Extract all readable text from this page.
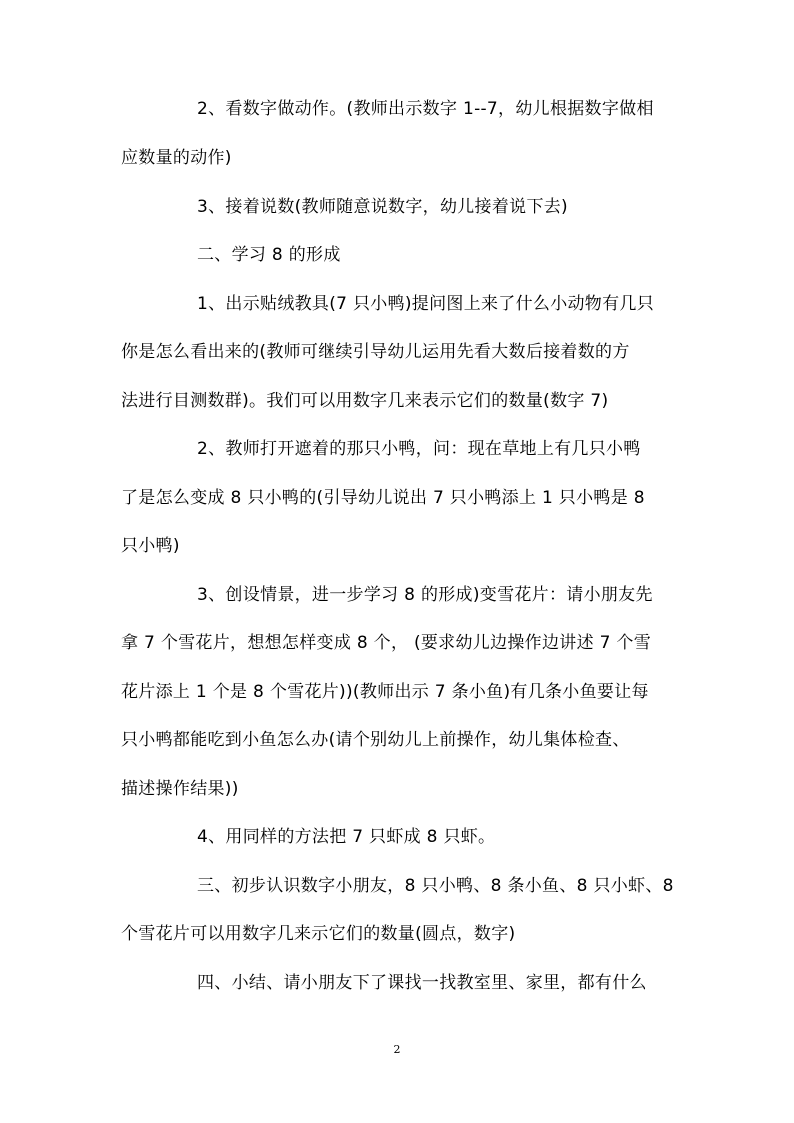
2、看数字做动作。(教师出示数字 1--7，幼儿根据数字做相
应数量的动作)
3、接着说数(教师随意说数字，幼儿接着说下去)
二、学习 8 的形成
1、出示贴绒教具(7 只小鸭)提问图上来了什么小动物有几只
你是怎么看出来的(教师可继续引导幼儿运用先看大数后接着数的方
法进行目测数群)。我们可以用数字几来表示它们的数量(数字 7)
2、教师打开遮着的那只小鸭，问：现在草地上有几只小鸭
了是怎么变成 8 只小鸭的(引导幼儿说出 7 只小鸭添上 1 只小鸭是 8
只小鸭)
3、创设情景，进一步学习 8 的形成)变雪花片：请小朋友先
拿 7 个雪花片，想想怎样变成 8 个， (要求幼儿边操作边讲述 7 个雪
花片添上 1 个是 8 个雪花片))(教师出示 7 条小鱼)有几条小鱼要让每
只小鸭都能吃到小鱼怎么办(请个别幼儿上前操作，幼儿集体检查、
描述操作结果))
4、用同样的方法把 7 只虾成 8 只虾。
三、初步认识数字小朋友，8 只小鸭、8 条小鱼、8 只小虾、8
个雪花片可以用数字几来示它们的数量(圆点，数字)
四、小结、请小朋友下了课找一找教室里、家里，都有什么
2
